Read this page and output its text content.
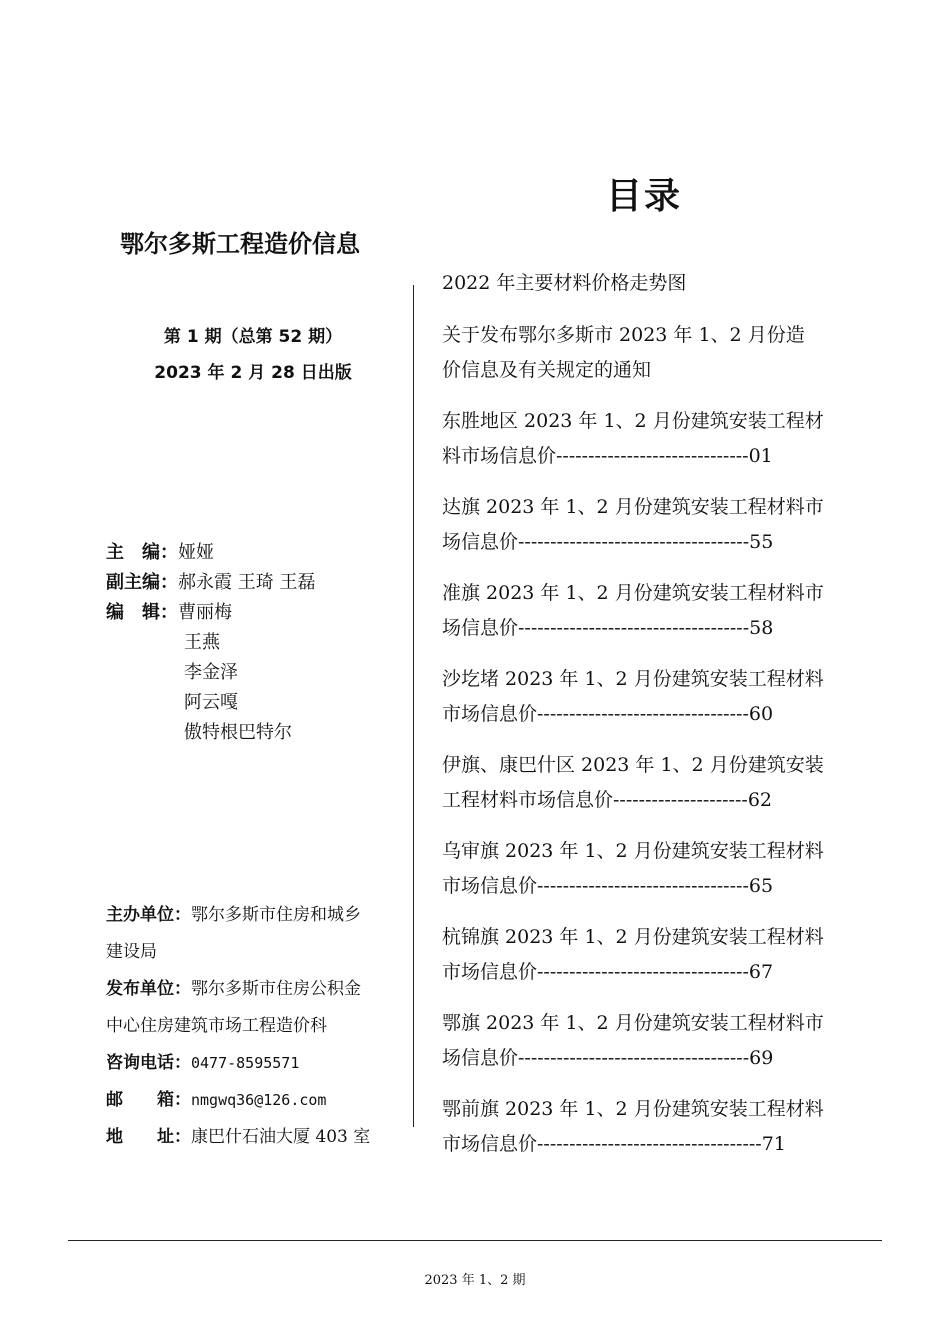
目录
鄂尔多斯工程造价信息
第 1 期（总第 52 期）
2023 年 2 月 28 日出版
主　编：娅娅
副主编：郝永霞 王琦 王磊
编　辑：曹丽梅
王燕
李金泽
阿云嘎
傲特根巴特尔
主办单位：鄂尔多斯市住房和城乡
建设局
发布单位：鄂尔多斯市住房公积金
中心住房建筑市场工程造价科
咨询电话：0477-8595571
邮　　箱：nmgwq36@126.com
地　　址：康巴什石油大厦 403 室
2022 年主要材料价格走势图
关于发布鄂尔多斯市 2023 年 1、2 月份造
价信息及有关规定的通知
东胜地区 2023 年 1、2 月份建筑安装工程材
料市场信息价------------------------------01
达旗 2023 年 1、2 月份建筑安装工程材料市
场信息价------------------------------------55
准旗 2023 年 1、2 月份建筑安装工程材料市
场信息价------------------------------------58
沙圪堵 2023 年 1、2 月份建筑安装工程材料
市场信息价---------------------------------60
伊旗、康巴什区 2023 年 1、2 月份建筑安装
工程材料市场信息价---------------------62
乌审旗 2023 年 1、2 月份建筑安装工程材料
市场信息价---------------------------------65
杭锦旗 2023 年 1、2 月份建筑安装工程材料
市场信息价---------------------------------67
鄂旗 2023 年 1、2 月份建筑安装工程材料市
场信息价------------------------------------69
鄂前旗 2023 年 1、2 月份建筑安装工程材料
市场信息价-----------------------------------71
2023 年 1、2 期
